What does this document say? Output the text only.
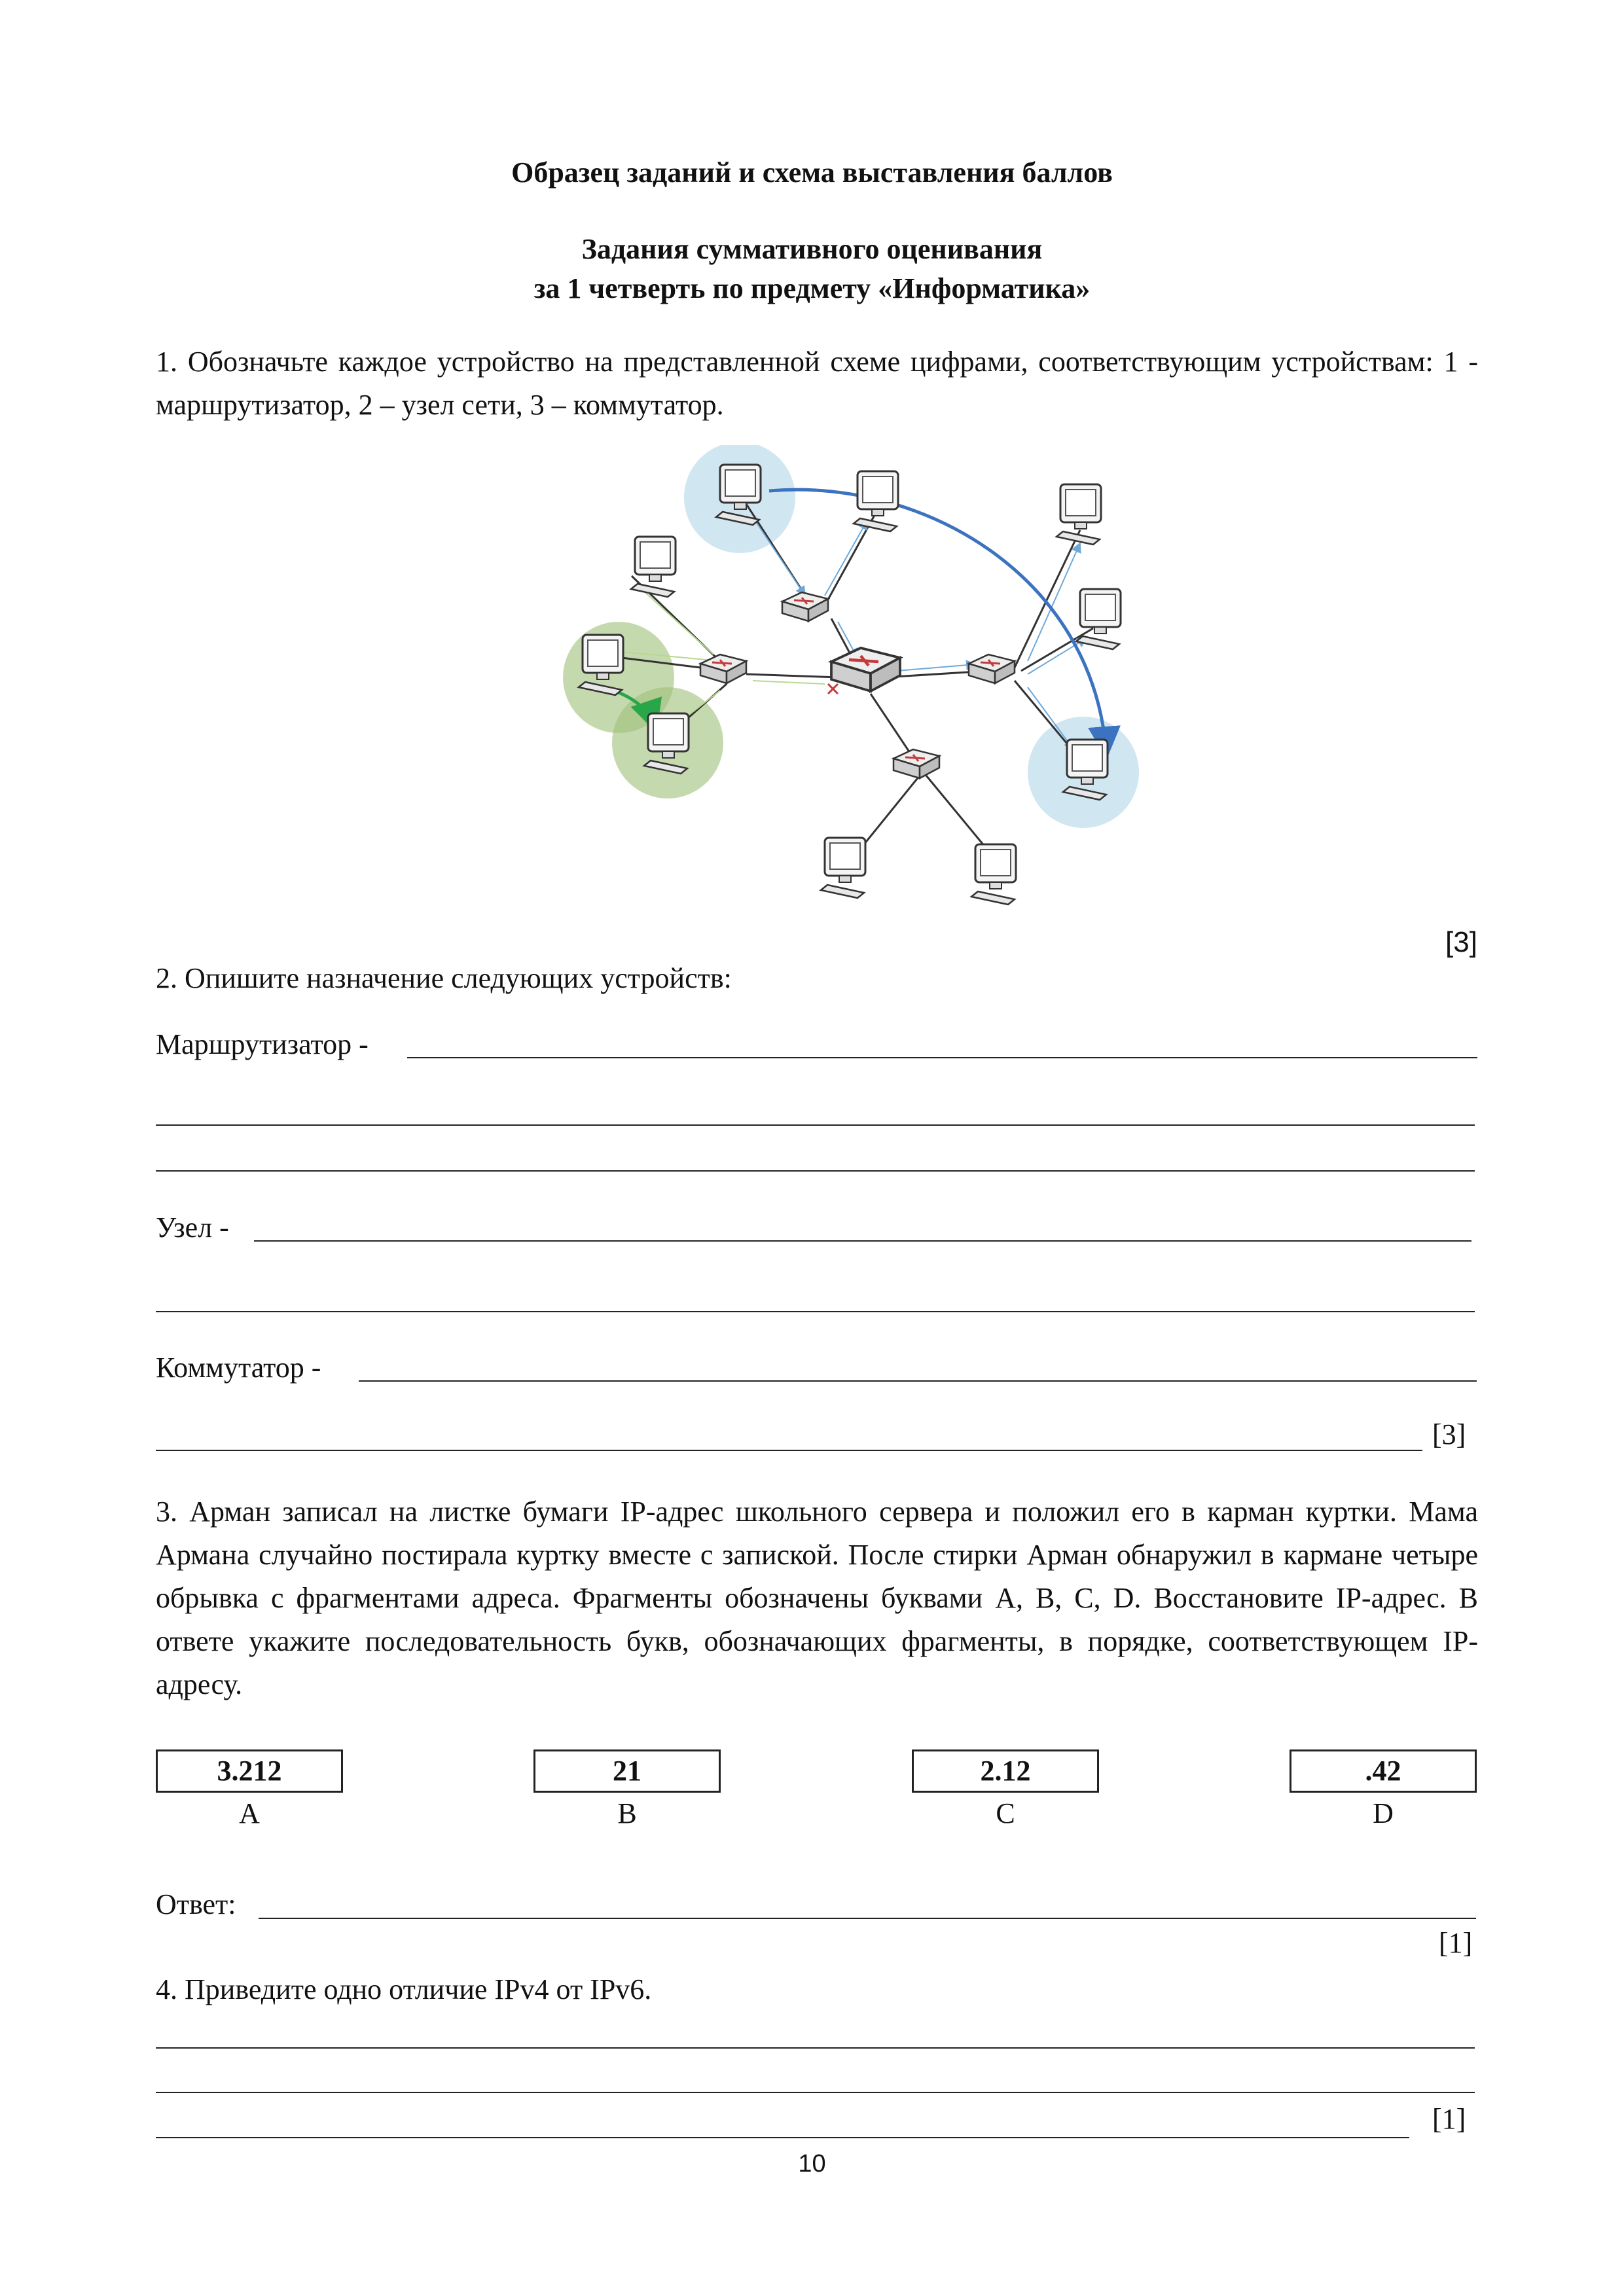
Образец заданий и схема выставления баллов
Задания суммативного оценивания
за 1 четверть по предмету «Информатика»
1. Обозначьте каждое устройство на представленной схеме цифрами, соответствующим устройствам: 1 - маршрутизатор, 2 – узел сети, 3 – коммутатор.
[3]
2. Опишите назначение следующих устройств:
Маршрутизатор -
Узел -
Коммутатор -
[3]
3. Арман записал на листке бумаги IP-адрес школьного сервера и положил его в карман куртки. Мама Армана случайно постирала куртку вместе с запиской. После стирки Арман обнаружил в кармане четыре обрывка с фрагментами адреса. Фрагменты обозначены буквами A, B, C, D. Восстановите IP-адрес. В ответе укажите последовательность букв, обозначающих фрагменты, в порядке, соответствующем IP-адресу.
3.212
A
21
B
2.12
C
.42
D
Ответ:
[1]
4. Приведите одно отличие IPv4 от IPv6.
[1]
10
